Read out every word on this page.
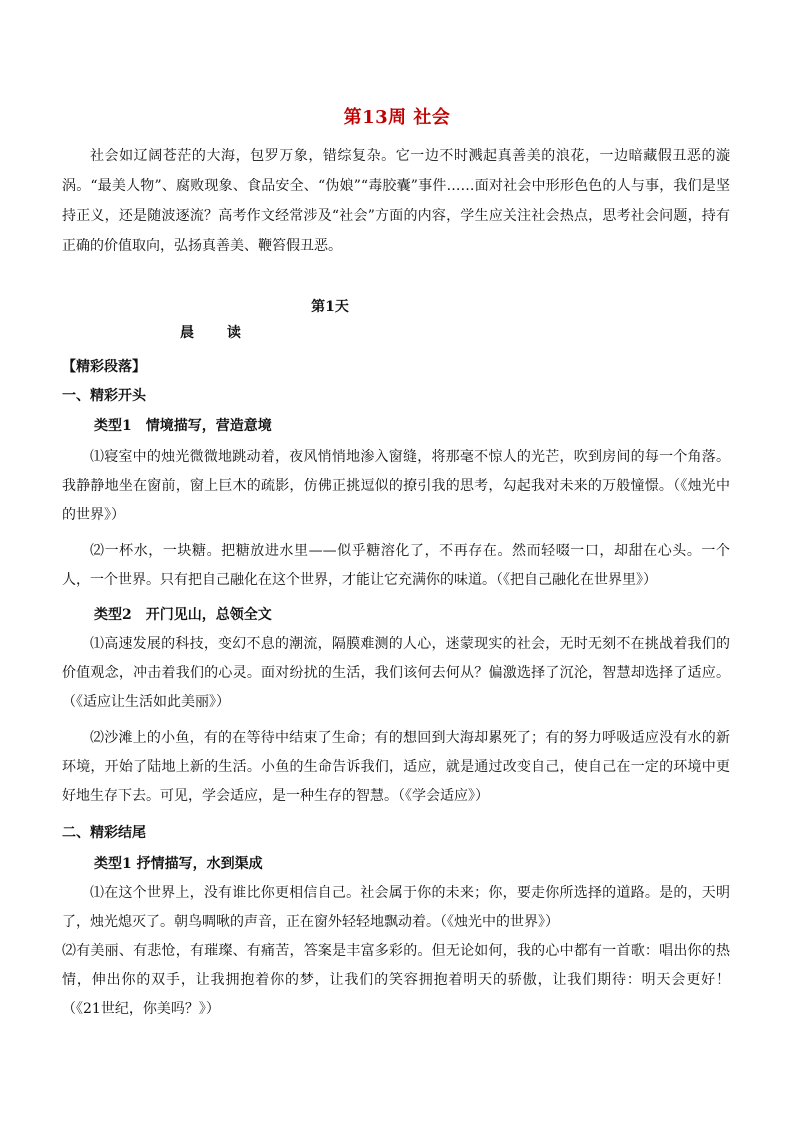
第13周 社会

社会如辽阔苍茫的大海，包罗万象，错综复杂。它一边不时溅起真善美的浪花，一边暗藏假丑恶的漩涡。“最美人物”、腐败现象、食品安全、“伪娘”“毒胶囊”事件……面对社会中形形色色的人与事，我们是坚持正义，还是随波逐流？高考作文经常涉及“社会”方面的内容，学生应关注社会热点，思考社会问题，持有正确的价值取向，弘扬真善美、鞭笞假丑恶。

第1天
晨 读
【精彩段落】
一、精彩开头
类型1　情境描写，营造意境

⑴寝室中的烛光微微地跳动着，夜风悄悄地渗入窗缝，将那毫不惊人的光芒，吹到房间的每一个角落。我静静地坐在窗前，窗上巨木的疏影，仿佛正挑逗似的撩引我的思考，勾起我对未来的万般憧憬。（《烛光中的世界》）

⑵一杯水，一块糖。把糖放进水里——似乎糖溶化了，不再存在。然而轻啜一口，却甜在心头。一个人，一个世界。只有把自己融化在这个世界，才能让它充满你的味道。（《把自己融化在世界里》）

类型2　开门见山，总领全文

⑴高速发展的科技，变幻不息的潮流，隔膜难测的人心，迷蒙现实的社会，无时无刻不在挑战着我们的价值观念，冲击着我们的心灵。面对纷扰的生活，我们该何去何从？偏激选择了沉沦，智慧却选择了适应。（《适应让生活如此美丽》）

⑵沙滩上的小鱼，有的在等待中结束了生命；有的想回到大海却累死了；有的努力呼吸适应没有水的新环境，开始了陆地上新的生活。小鱼的生命告诉我们，适应，就是通过改变自己，使自己在一定的环境中更好地生存下去。可见，学会适应，是一种生存的智慧。（《学会适应》）

二、精彩结尾
类型1 抒情描写，水到渠成

⑴在这个世界上，没有谁比你更相信自己。社会属于你的未来；你，要走你所选择的道路。是的，天明了，烛光熄灭了。朝鸟啁啾的声音，正在窗外轻轻地飘动着。（《烛光中的世界》）

⑵有美丽、有悲怆，有璀璨、有痛苦，答案是丰富多彩的。但无论如何，我的心中都有一首歌：唱出你的热情，伸出你的双手，让我拥抱着你的梦，让我们的笑容拥抱着明天的骄傲，让我们期待：明天会更好！（《21世纪，你美吗？》）
